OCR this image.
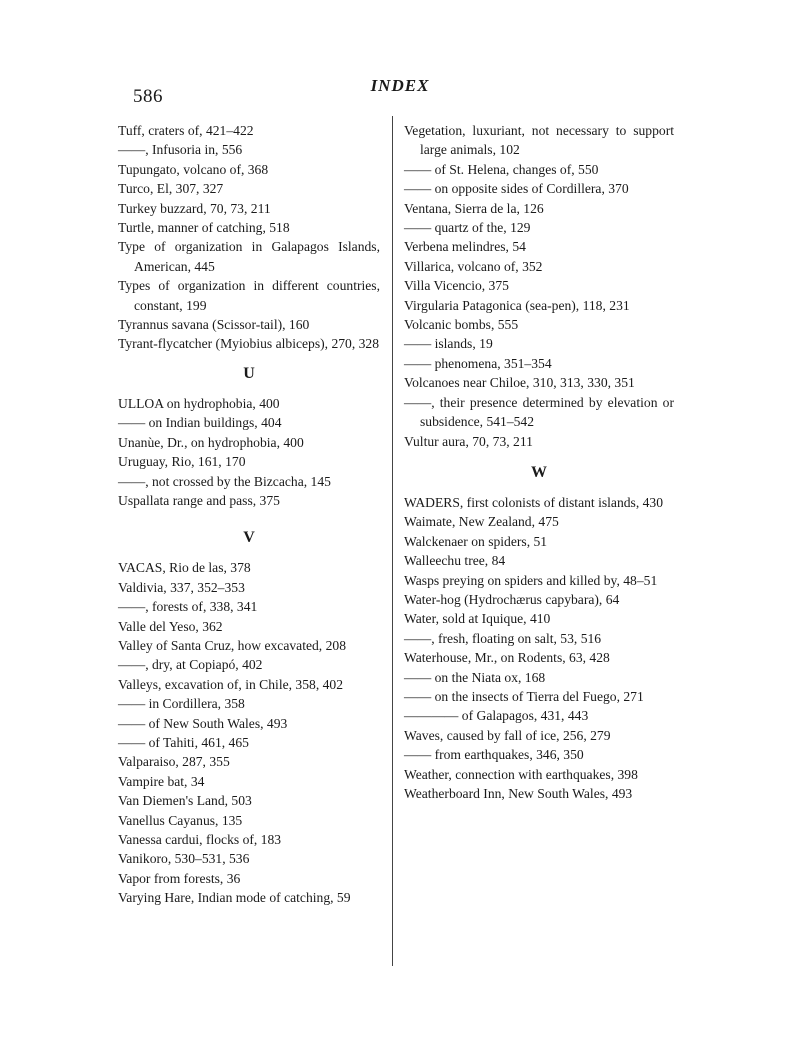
586
INDEX
Tuff, craters of, 421–422
——, Infusoria in, 556
Tupungato, volcano of, 368
Turco, El, 307, 327
Turkey buzzard, 70, 73, 211
Turtle, manner of catching, 518
Type of organization in Galapagos Islands, American, 445
Types of organization in different countries, constant, 199
Tyrannus savana (Scissor-tail), 160
Tyrant-flycatcher (Myiobius albiceps), 270, 328
U
ULLOA on hydrophobia, 400
—— on Indian buildings, 404
Unanùe, Dr., on hydrophobia, 400
Uruguay, Rio, 161, 170
——, not crossed by the Bizcacha, 145
Uspallata range and pass, 375
V
VACAS, Rio de las, 378
Valdivia, 337, 352–353
——, forests of, 338, 341
Valle del Yeso, 362
Valley of Santa Cruz, how excavated, 208
——, dry, at Copiapó, 402
Valleys, excavation of, in Chile, 358, 402
—— in Cordillera, 358
—— of New South Wales, 493
—— of Tahiti, 461, 465
Valparaiso, 287, 355
Vampire bat, 34
Van Diemen's Land, 503
Vanellus Cayanus, 135
Vanessa cardui, flocks of, 183
Vanikoro, 530–531, 536
Vapor from forests, 36
Varying Hare, Indian mode of catching, 59
Vegetation, luxuriant, not necessary to support large animals, 102
—— of St. Helena, changes of, 550
—— on opposite sides of Cordillera, 370
Ventana, Sierra de la, 126
—— quartz of the, 129
Verbena melindres, 54
Villarica, volcano of, 352
Villa Vicencio, 375
Virgularia Patagonica (sea-pen), 118, 231
Volcanic bombs, 555
—— islands, 19
—— phenomena, 351–354
Volcanoes near Chiloe, 310, 313, 330, 351
——, their presence determined by elevation or subsidence, 541–542
Vultur aura, 70, 73, 211
W
WADERS, first colonists of distant islands, 430
Waimate, New Zealand, 475
Walckenaer on spiders, 51
Walleechu tree, 84
Wasps preying on spiders and killed by, 48–51
Water-hog (Hydrochærus capybara), 64
Water, sold at Iquique, 410
——, fresh, floating on salt, 53, 516
Waterhouse, Mr., on Rodents, 63, 428
—— on the Niata ox, 168
—— on the insects of Tierra del Fuego, 271
———— of Galapagos, 431, 443
Waves, caused by fall of ice, 256, 279
—— from earthquakes, 346, 350
Weather, connection with earthquakes, 398
Weatherboard Inn, New South Wales, 493
